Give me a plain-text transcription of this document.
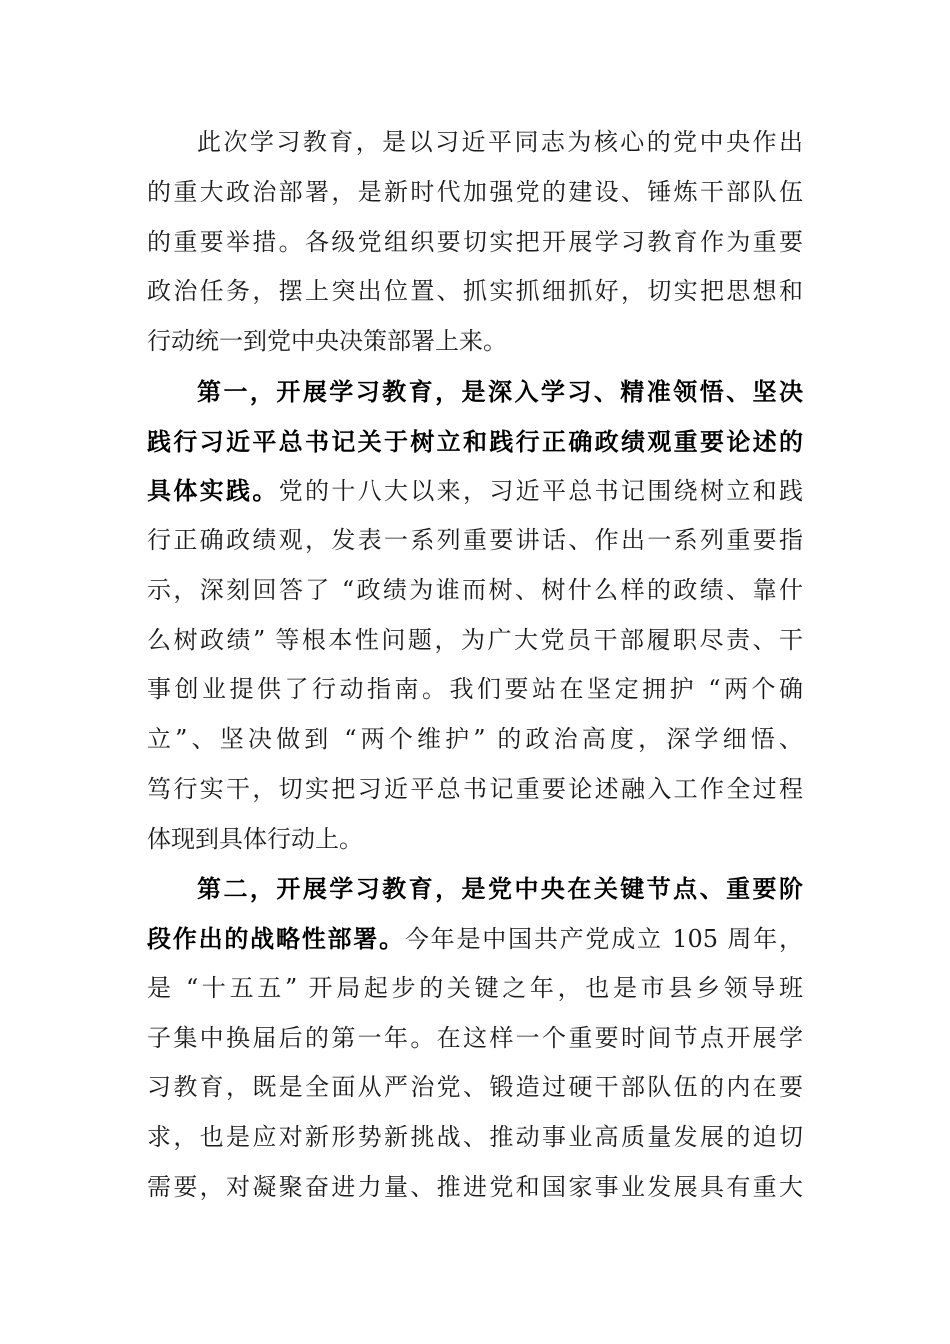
此次学习教育，是以习近平同志为核心的党中央作出
的重大政治部署，是新时代加强党的建设、锤炼干部队伍
的重要举措。各级党组织要切实把开展学习教育作为重要
政治任务，摆上突出位置、抓实抓细抓好，切实把思想和
行动统一到党中央决策部署上来。
第一，开展学习教育，是深入学习、精准领悟、坚决
践行习近平总书记关于树立和践行正确政绩观重要论述的
具体实践。党的十八大以来，习近平总书记围绕树立和践
行正确政绩观，发表一系列重要讲话、作出一系列重要指
示，深刻回答了 “政绩为谁而树、树什么样的政绩、靠什
么树政绩” 等根本性问题，为广大党员干部履职尽责、干
事创业提供了行动指南。我们要站在坚定拥护 “两个确
立”、坚决做到 “两个维护” 的政治高度，深学细悟、
笃行实干，切实把习近平总书记重要论述融入工作全过程
体现到具体行动上。
第二，开展学习教育，是党中央在关键节点、重要阶
段作出的战略性部署。今年是中国共产党成立 105 周年，
是 “十五五” 开局起步的关键之年，也是市县乡领导班
子集中换届后的第一年。在这样一个重要时间节点开展学
习教育，既是全面从严治党、锻造过硬干部队伍的内在要
求，也是应对新形势新挑战、推动事业高质量发展的迫切
需要，对凝聚奋进力量、推进党和国家事业发展具有重大
